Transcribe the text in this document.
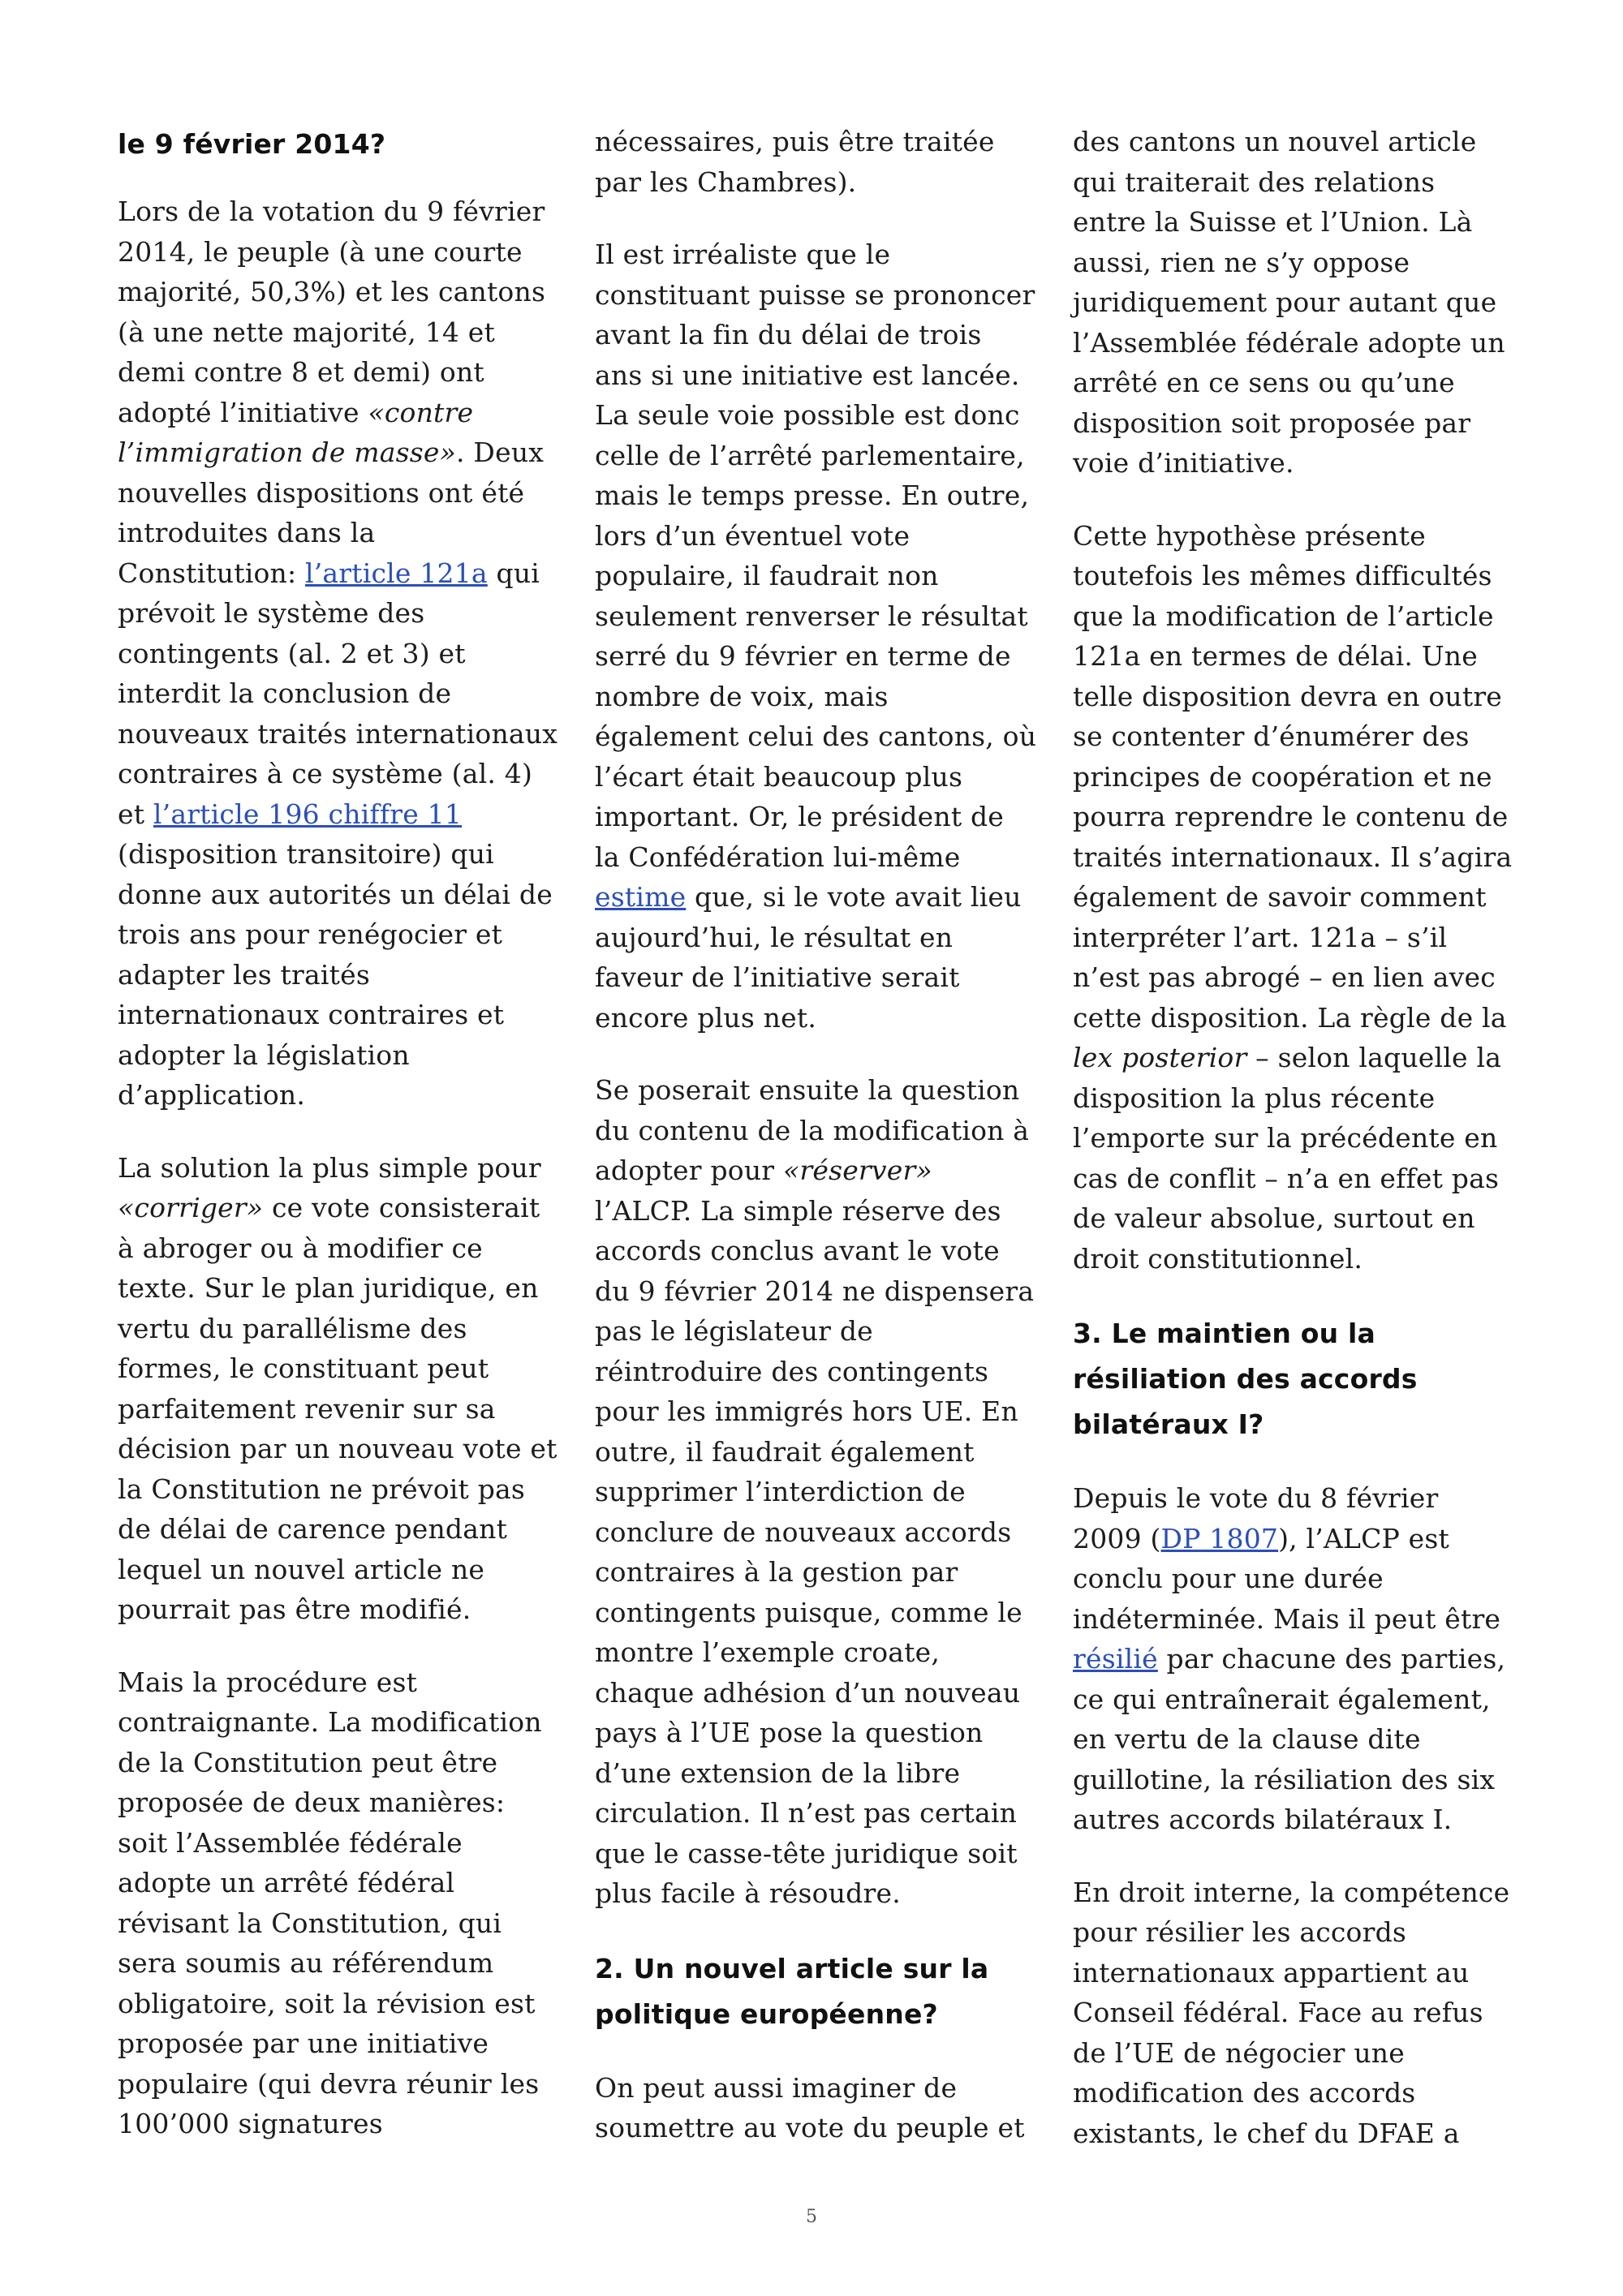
le 9 février 2014?

Lors de la votation du 9 février 2014, le peuple (à une courte majorité, 50,3%) et les cantons (à une nette majorité, 14 et demi contre 8 et demi) ont adopté l’initiative «contre l’immigration de masse». Deux nouvelles dispositions ont été introduites dans la Constitution: l’article 121a qui prévoit le système des contingents (al. 2 et 3) et interdit la conclusion de nouveaux traités internationaux contraires à ce système (al. 4) et l’article 196 chiffre 11 (disposition transitoire) qui donne aux autorités un délai de trois ans pour renégocier et adapter les traités internationaux contraires et adopter la législation d’application.

La solution la plus simple pour «corriger» ce vote consisterait à abroger ou à modifier ce texte. Sur le plan juridique, en vertu du parallélisme des formes, le constituant peut parfaitement revenir sur sa décision par un nouveau vote et la Constitution ne prévoit pas de délai de carence pendant lequel un nouvel article ne pourrait pas être modifié.

Mais la procédure est contraignante. La modification de la Constitution peut être proposée de deux manières: soit l’Assemblée fédérale adopte un arrêté fédéral révisant la Constitution, qui sera soumis au référendum obligatoire, soit la révision est proposée par une initiative populaire (qui devra réunir les 100’000 signatures

nécessaires, puis être traitée par les Chambres).

Il est irréaliste que le constituant puisse se prononcer avant la fin du délai de trois ans si une initiative est lancée. La seule voie possible est donc celle de l’arrêté parlementaire, mais le temps presse. En outre, lors d’un éventuel vote populaire, il faudrait non seulement renverser le résultat serré du 9 février en terme de nombre de voix, mais également celui des cantons, où l’écart était beaucoup plus important. Or, le président de la Confédération lui-même estime que, si le vote avait lieu aujourd’hui, le résultat en faveur de l’initiative serait encore plus net.

Se poserait ensuite la question du contenu de la modification à adopter pour «réserver» l’ALCP. La simple réserve des accords conclus avant le vote du 9 février 2014 ne dispensera pas le législateur de réintroduire des contingents pour les immigrés hors UE. En outre, il faudrait également supprimer l’interdiction de conclure de nouveaux accords contraires à la gestion par contingents puisque, comme le montre l’exemple croate, chaque adhésion d’un nouveau pays à l’UE pose la question d’une extension de la libre circulation. Il n’est pas certain que le casse-tête juridique soit plus facile à résoudre.

2. Un nouvel article sur la politique européenne?

On peut aussi imaginer de soumettre au vote du peuple et

des cantons un nouvel article qui traiterait des relations entre la Suisse et l’Union. Là aussi, rien ne s’y oppose juridiquement pour autant que l’Assemblée fédérale adopte un arrêté en ce sens ou qu’une disposition soit proposée par voie d’initiative.

Cette hypothèse présente toutefois les mêmes difficultés que la modification de l’article 121a en termes de délai. Une telle disposition devra en outre se contenter d’énumérer des principes de coopération et ne pourra reprendre le contenu de traités internationaux. Il s’agira également de savoir comment interpréter l’art. 121a – s’il n’est pas abrogé – en lien avec cette disposition. La règle de la lex posterior – selon laquelle la disposition la plus récente l’emporte sur la précédente en cas de conflit – n’a en effet pas de valeur absolue, surtout en droit constitutionnel.

3. Le maintien ou la résiliation des accords bilatéraux I?

Depuis le vote du 8 février 2009 (DP 1807), l’ALCP est conclu pour une durée indéterminée. Mais il peut être résilié par chacune des parties, ce qui entraînerait également, en vertu de la clause dite guillotine, la résiliation des six autres accords bilatéraux I.

En droit interne, la compétence pour résilier les accords internationaux appartient au Conseil fédéral. Face au refus de l’UE de négocier une modification des accords existants, le chef du DFAE a

5
